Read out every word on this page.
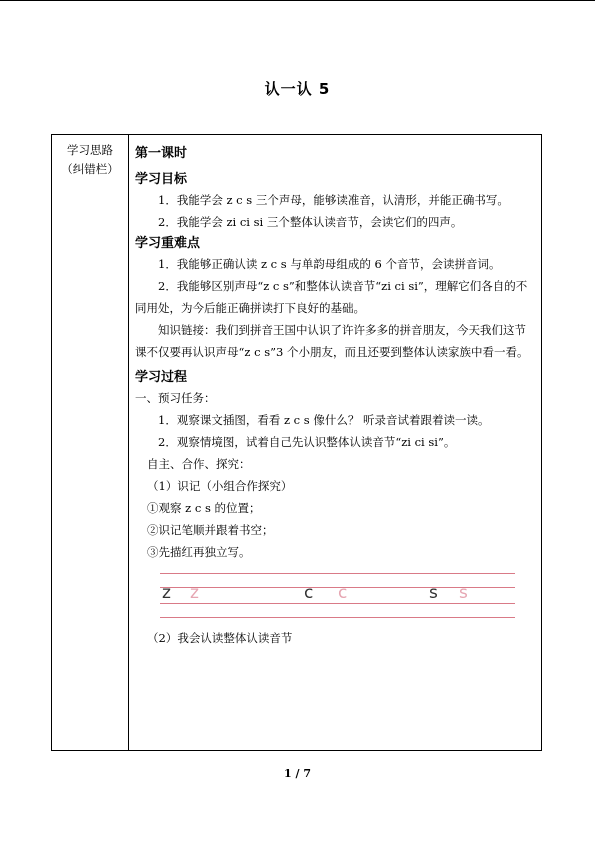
认一认 5
学习思路
（纠错栏）

第一课时

学习目标

1．我能学会 z c s 三个声母，能够读准音，认清形，并能正确书写。

2．我能学会 zi ci si 三个整体认读音节，会读它们的四声。

学习重难点

1．我能够正确认读 z c s 与单韵母组成的 6 个音节，会读拼音词。

2．我能够区别声母“z c s”和整体认读音节“zi ci si”，理解它们各自的不同用处，为今后能正确拼读打下良好的基础。

知识链接：我们到拼音王国中认识了许许多多的拼音朋友，今天我们这节课不仅要再认识声母“z c s”3 个小朋友，而且还要到整体认读家族中看一看。

学习过程

一、预习任务：

1．观察课文插图，看看 z c s 像什么？ 听录音试着跟着读一读。

2．观察情境图，试着自己先认识整体认读音节“zi ci si”。

自主、合作、探究：

（1）识记（小组合作探究）

①观察 z c s 的位置；

②识记笔顺并跟着书空；

③先描红再独立写。

z z	c c	s s

（2）我会认读整体认读音节

1 / 7
